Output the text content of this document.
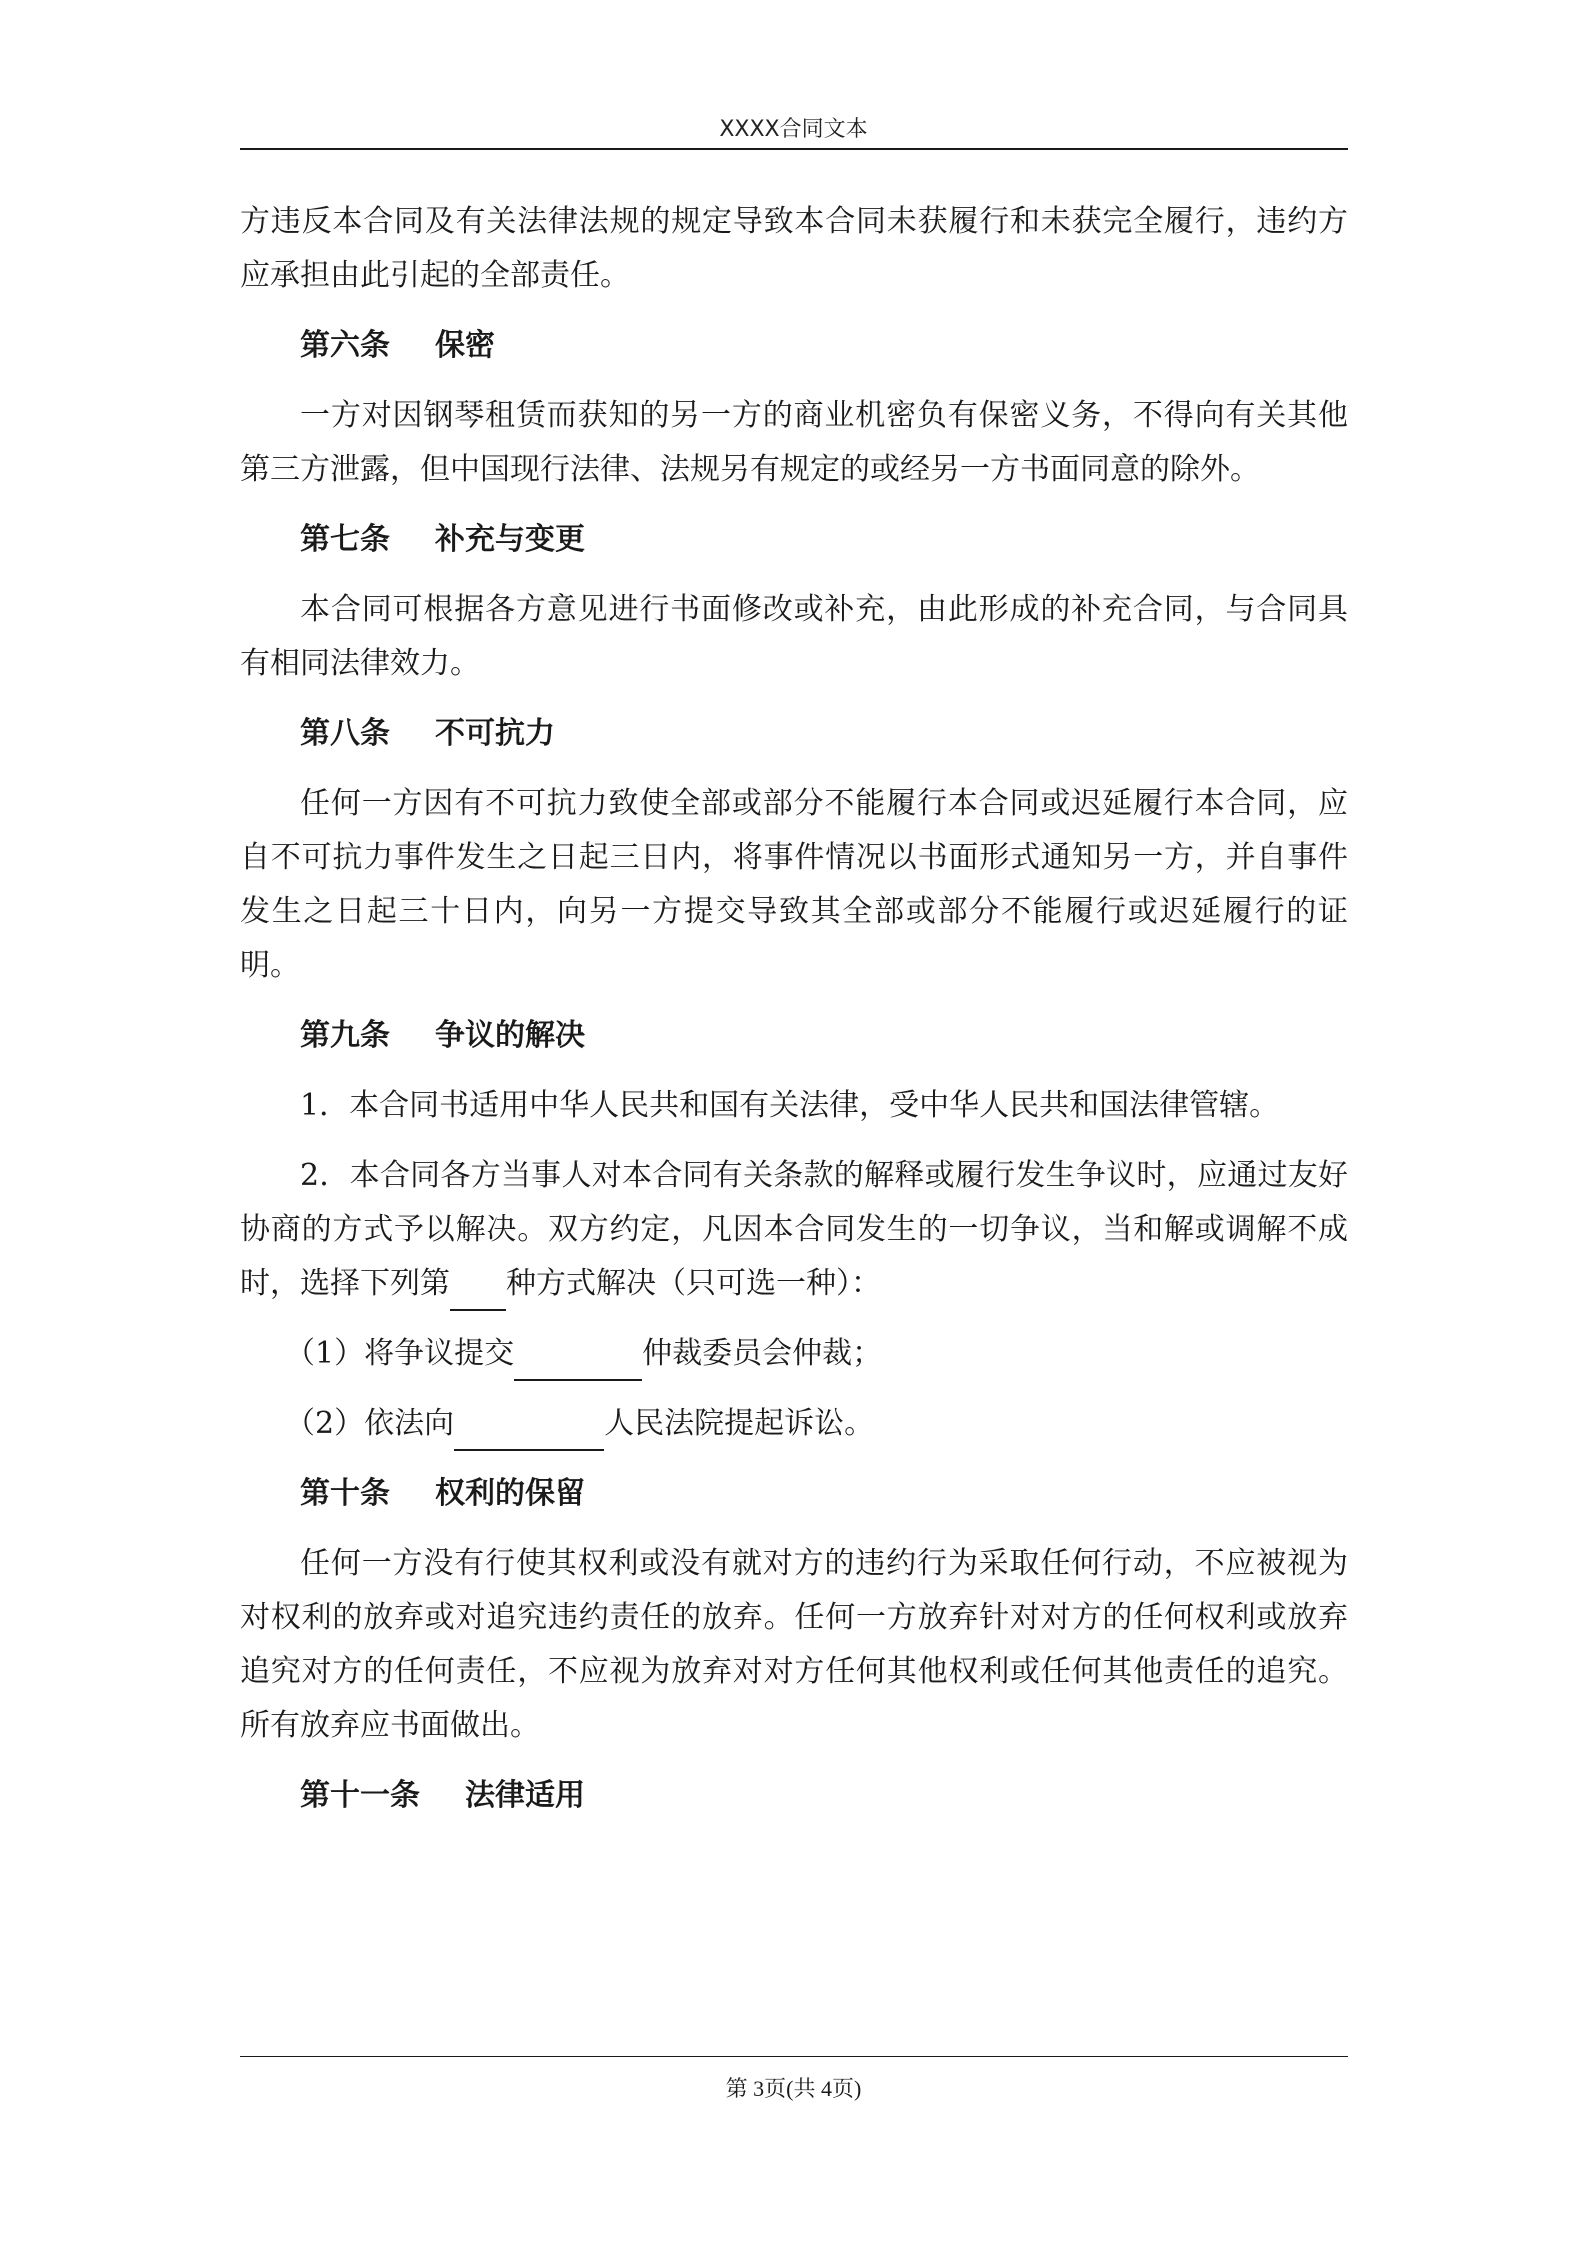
XXXX合同文本

方违反本合同及有关法律法规的规定导致本合同未获履行和未获完全履行，违约方应承担由此引起的全部责任。

第六条 保密

一方对因钢琴租赁而获知的另一方的商业机密负有保密义务，不得向有关其他第三方泄露，但中国现行法律、法规另有规定的或经另一方书面同意的除外。

第七条 补充与变更

本合同可根据各方意见进行书面修改或补充，由此形成的补充合同，与合同具有相同法律效力。

第八条 不可抗力

任何一方因有不可抗力致使全部或部分不能履行本合同或迟延履行本合同，应自不可抗力事件发生之日起三日内，将事件情况以书面形式通知另一方，并自事件发生之日起三十日内，向另一方提交导致其全部或部分不能履行或迟延履行的证明。

第九条 争议的解决

1．本合同书适用中华人民共和国有关法律，受中华人民共和国法律管辖。

2．本合同各方当事人对本合同有关条款的解释或履行发生争议时，应通过友好协商的方式予以解决。双方约定，凡因本合同发生的一切争议，当和解或调解不成时，选择下列第 种方式解决（只可选一种）：

（1）将争议提交	仲裁委员会仲裁；

（2）依法向	人民法院提起诉讼。

第十条 权利的保留

任何一方没有行使其权利或没有就对方的违约行为采取任何行动，不应被视为对权利的放弃或对追究违约责任的放弃。任何一方放弃针对对方的任何权利或放弃追究对方的任何责任，不应视为放弃对对方任何其他权利或任何其他责任的追究。所有放弃应书面做出。

第十一条 法律适用

第 3页(共 4页)
